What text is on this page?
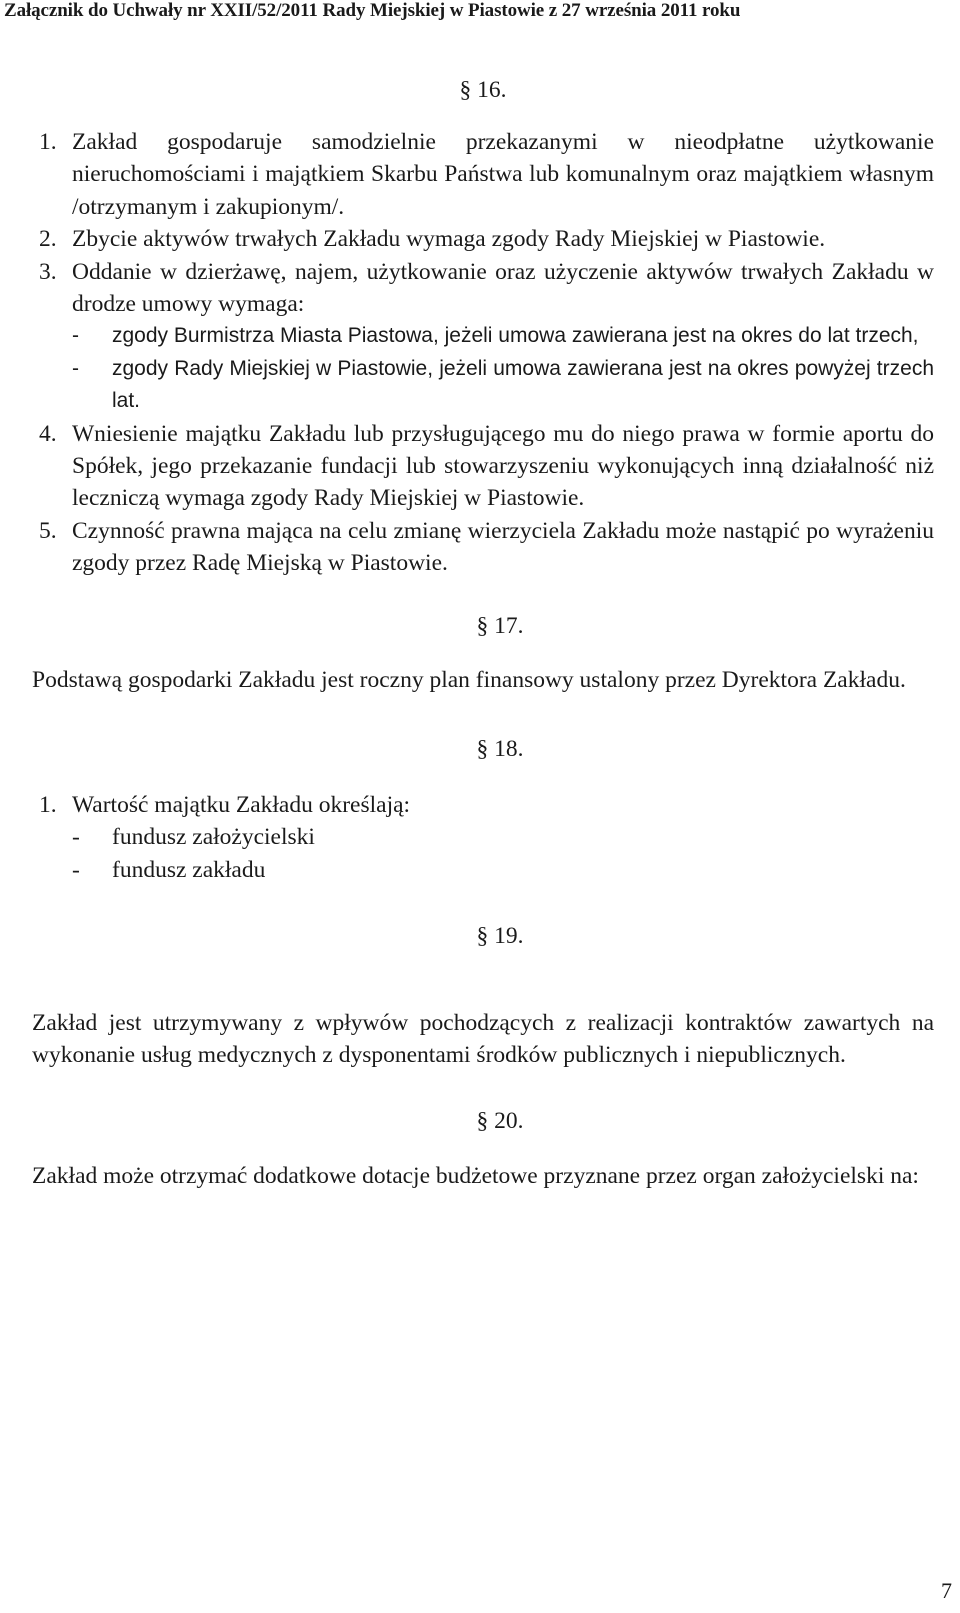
Załącznik do Uchwały nr XXII/52/2011 Rady Miejskiej w Piastowie z 27 września 2011 roku
§ 16.
1. Zakład gospodaruje samodzielnie przekazanymi w nieodpłatne użytkowanie nieruchomościami i majątkiem Skarbu Państwa lub komunalnym oraz majątkiem własnym /otrzymanym i zakupionym/.

2. Zbycie aktywów trwałych Zakładu wymaga zgody Rady Miejskiej w Piastowie.

3. Oddanie w dzierżawę, najem, użytkowanie oraz użyczenie aktywów trwałych Zakładu w drodze umowy wymaga:

- zgody Burmistrza Miasta Piastowa, jeżeli umowa zawierana jest na okres do lat trzech,
- zgody Rady Miejskiej w Piastowie, jeżeli umowa zawierana jest na okres powyżej trzech lat.
4. Wniesienie majątku Zakładu lub przysługującego mu do niego prawa w formie aportu do Spółek, jego przekazanie fundacji lub stowarzyszeniu wykonujących inną działalność niż leczniczą wymaga zgody Rady Miejskiej w Piastowie.

5. Czynność prawna mająca na celu zmianę wierzyciela Zakładu może nastąpić po wyrażeniu zgody przez Radę Miejską w Piastowie.

§ 17.

Podstawą gospodarki Zakładu jest roczny plan finansowy ustalony przez Dyrektora Zakładu.

§ 18.
1. Wartość majątku Zakładu określają:

- fundusz założycielski
- fundusz zakładu
§ 19.

Zakład jest utrzymywany z wpływów pochodzących z realizacji kontraktów zawartych na wykonanie usług medycznych z dysponentami środków publicznych i niepublicznych.

§ 20.

Zakład może otrzymać dodatkowe dotacje budżetowe przyznane przez organ założycielski na:

7
